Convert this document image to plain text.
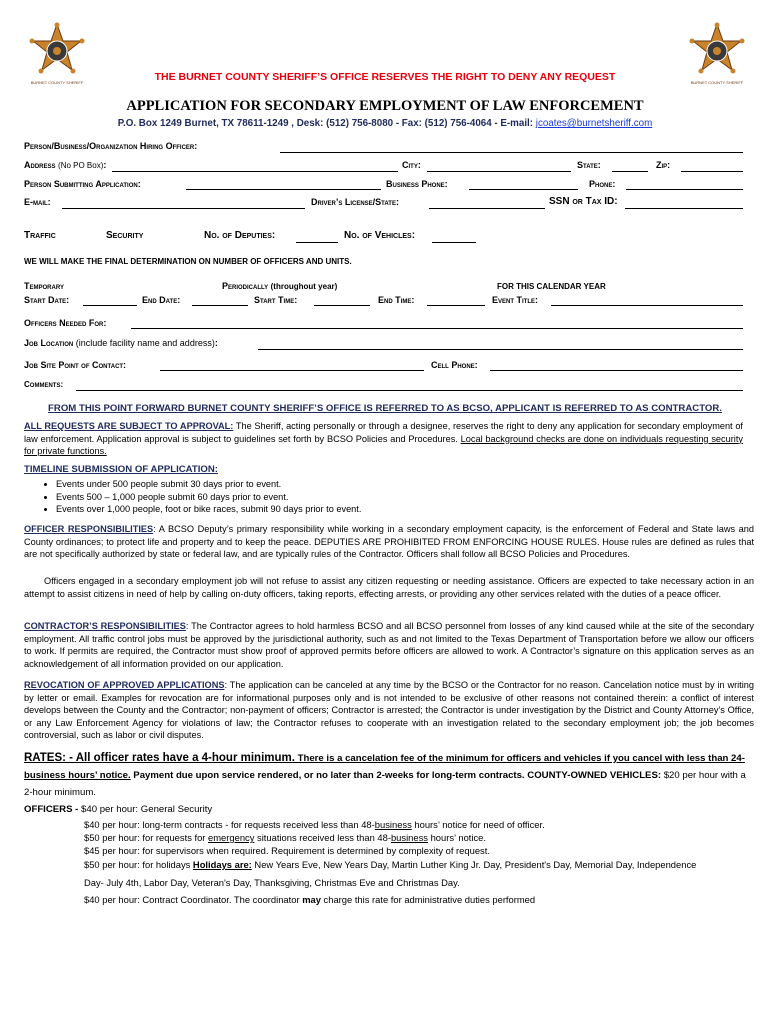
THE BURNET COUNTY SHERIFF’S OFFICE RESERVES THE RIGHT TO DENY ANY REQUEST
APPLICATION FOR SECONDARY EMPLOYMENT OF LAW ENFORCEMENT
P.O. Box 1249 Burnet, TX 78611-1249 , Desk: (512) 756-8080 - Fax: (512) 756-4064 - E-mail: jcoates@burnetsheriff.com
Person/Business/Organization Hiring Officer:
Address (No PO Box):	City:	State:	Zip:
Person Submitting Application:	Business Phone:	Phone:
E-mail:	Driver’s License/State:	SSN or Tax ID:
Traffic	Security	No. of Deputies:	No. of Vehicles:
WE WILL MAKE THE FINAL DETERMINATION ON NUMBER OF OFFICERS AND UNITS.
Temporary
Start Date:	End Date:
Periodically (throughout year)
Start Time:	End Time:
FOR THIS CALENDAR YEAR
Event Title:
Officers Needed For:
Job Location (include facility name and address):
Job Site Point of Contact:	Cell Phone:
Comments:
FROM THIS POINT FORWARD BURNET COUNTY SHERIFF’S OFFICE IS REFERRED TO AS BCSO, APPLICANT IS REFERRED TO AS CONTRACTOR.
ALL REQUESTS ARE SUBJECT TO APPROVAL: The Sheriff, acting personally or through a designee, reserves the right to deny any application for secondary employment of law enforcement. Application approval is subject to guidelines set forth by BCSO Policies and Procedures. Local background checks are done on individuals requesting security for private functions.
TIMELINE SUBMISSION OF APPLICATION:
• Events under 500 people submit 30 days prior to event.
• Events 500 – 1,000 people submit 60 days prior to event.
• Events over 1,000 people, foot or bike races, submit 90 days prior to event.
OFFICER RESPONSIBILITIES: A BCSO Deputy’s primary responsibility while working in a secondary employment capacity, is the enforcement of Federal and State laws and County ordinances; to protect life and property and to keep the peace. DEPUTIES ARE PROHIBITED FROM ENFORCING HOUSE RULES. House rules are defined as rules that are not specifically authorized by state or federal law, and are typically rules of the Contractor. Officers shall follow all BCSO Policies and Procedures.
Officers engaged in a secondary employment job will not refuse to assist any citizen requesting or needing assistance. Officers are expected to take necessary action in an attempt to assist citizens in need of help by calling on-duty officers, taking reports, effecting arrests, or providing any other services related with the duties of a peace officer.
CONTRACTOR’S RESPONSIBILITIES: The Contractor agrees to hold harmless BCSO and all BCSO personnel from losses of any kind caused while at the site of the secondary employment. All traffic control jobs must be approved by the jurisdictional authority, such as and not limited to the Texas Department of Transportation before we allow our officers to work. If permits are required, the Contractor must show proof of approved permits before officers are allowed to work. A Contractor’s signature on this application serves as an acknowledgement of all information provided on our application.
REVOCATION OF APPROVED APPLICATIONS: The application can be canceled at any time by the BCSO or the Contractor for no reason. Cancelation notice must by in writing by letter or email. Examples for revocation are for informational purposes only and is not intended to be exclusive of other reasons not contained therein: a conflict of interest develops between the County and the Contractor; non-payment of officers; Contractor is arrested; the Contractor is under investigation by the District and County Attorney’s Office, or any Law Enforcement Agency for violations of law; the Contractor refuses to cooperate with an investigation related to the secondary employment job; the job becomes controversial, such as labor or civil disputes.
RATES: - All officer rates have a 4-hour minimum. There is a cancelation fee of the minimum for officers and vehicles if you cancel with less than 24-business hours’ notice. Payment due upon service rendered, or no later than 2-weeks for long-term contracts. COUNTY-OWNED VEHICLES: $20 per hour with a 2-hour minimum.
OFFICERS - $40 per hour: General Security
$40 per hour: long-term contracts - for requests received less than 48-business hours’ notice for need of officer.
$50 per hour: for requests for emergency situations received less than 48-business hours’ notice.
$45 per hour: for supervisors when required. Requirement is determined by complexity of request.
$50 per hour: for holidays Holidays are: New Years Eve, New Years Day, Martin Luther King Jr. Day, President's Day, Memorial Day, Independence
Day- July 4th, Labor Day, Veteran's Day, Thanksgiving, Christmas Eve and Christmas Day.
$40 per hour: Contract Coordinator. The coordinator may charge this rate for administrative duties performed
BURNET COUNTY SHERIFF	BURNET COUNTY SHERIFF
